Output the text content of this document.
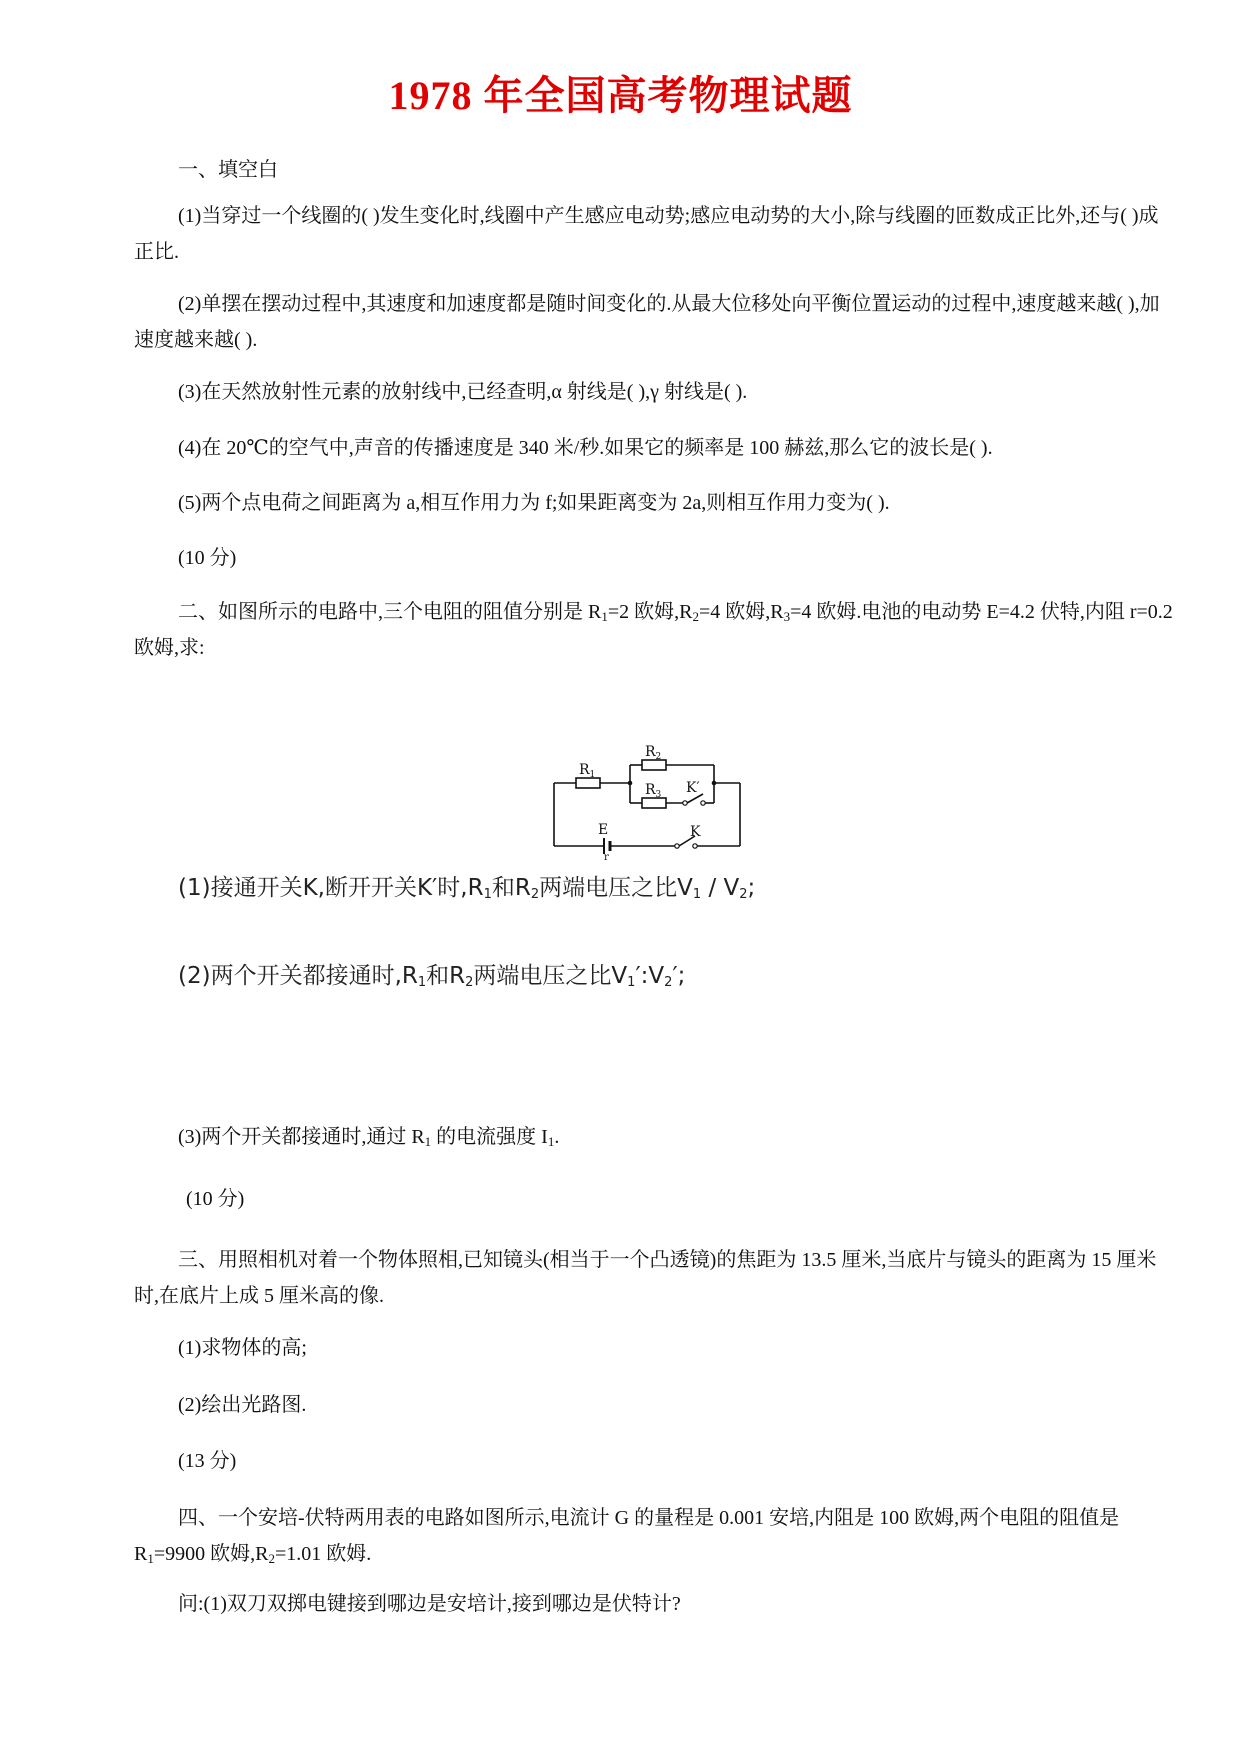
1978 年全国高考物理试题
一、填空白
(1)当穿过一个线圈的( )发生变化时,线圈中产生感应电动势;感应电动势的大小,除与线圈的匝数成正比外,还与( )成正比.
(2)单摆在摆动过程中,其速度和加速度都是随时间变化的.从最大位移处向平衡位置运动的过程中,速度越来越( ),加速度越来越( ).
(3)在天然放射性元素的放射线中,已经查明,α 射线是( ),γ 射线是( ).
(4)在 20℃的空气中,声音的传播速度是 340 米/秒.如果它的频率是 100 赫兹,那么它的波长是( ).
(5)两个点电荷之间距离为 a,相互作用力为 f;如果距离变为 2a,则相互作用力变为( ).
(10 分)
二、如图所示的电路中,三个电阻的阻值分别是 $R_1=2$ 欧姆$,R_2=4$ 欧姆$,R_3=4$ 欧姆.电池的电动势 E=4.2 伏特,内阻 r=0.2 欧姆,求:
$R_1$
$R_2$
$R_3$ K′
E	K
r
(1)接通开关K,断开开关K′时$,R_1$和$R_2$两端电压之比$V_1 / V_2$;
(2)两个开关都接通时$,R_1$和$R_2$两端电压之比$V_1':V_2'$;
(3)两个开关都接通时,通过 $R_1$ 的电流强度 $I_1$.
(10 分)
三、用照相机对着一个物体照相,已知镜头(相当于一个凸透镜)的焦距为 13.5 厘米,当底片与镜头的距离为 15 厘米时,在底片上成 5 厘米高的像.
(1)求物体的高;
(2)绘出光路图.
(13 分)
四、一个安培-伏特两用表的电路如图所示,电流计 G 的量程是 0.001 安培,内阻是 100 欧姆,两个电阻的阻值是 $R_1=9900$ 欧姆$,R_2=1.01$ 欧姆.
问:(1)双刀双掷电键接到哪边是安培计,接到哪边是伏特计?
